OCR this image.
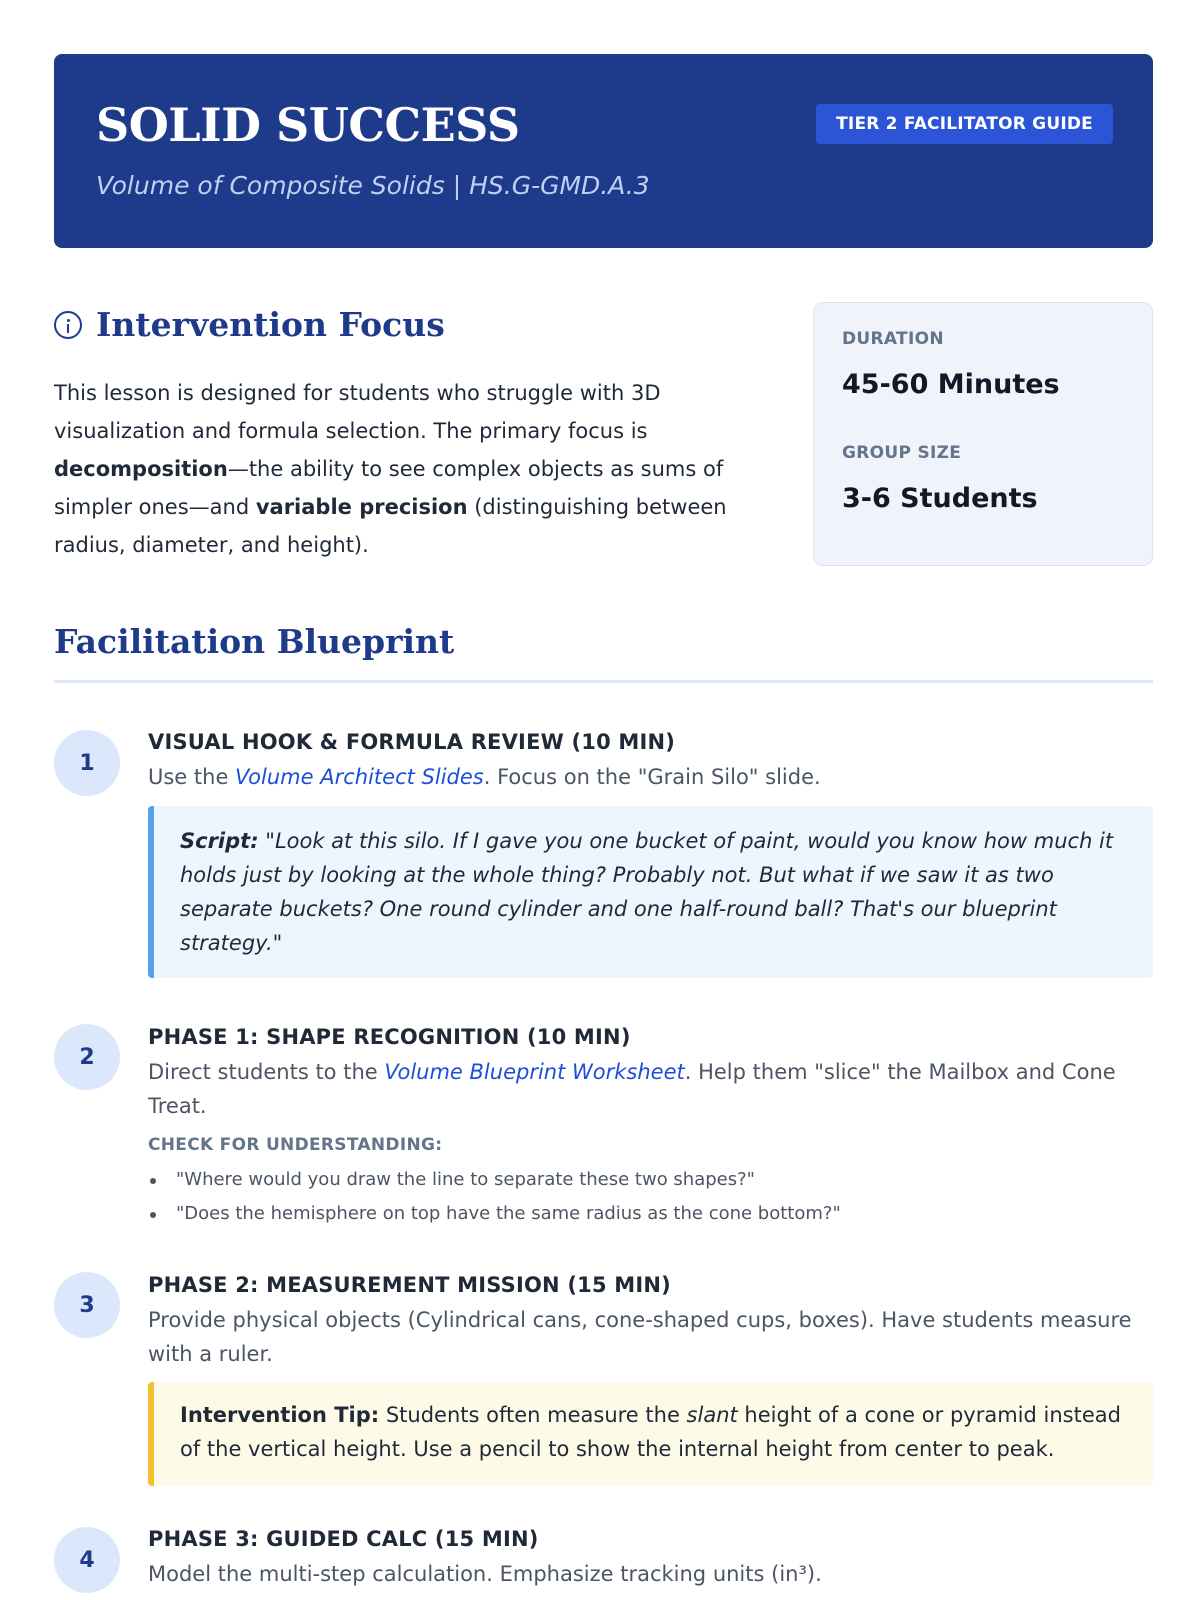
SOLID SUCCESS
Volume of Composite Solids | HS.G-GMD.A.3
TIER 2 FACILITATOR GUIDE
Intervention Focus
This lesson is designed for students who struggle with 3D visualization and formula selection. The primary focus is decomposition—the ability to see complex objects as sums of simpler ones—and variable precision (distinguishing between radius, diameter, and height).
DURATION
45-60 Minutes
GROUP SIZE
3-6 Students
Facilitation Blueprint
1
VISUAL HOOK & FORMULA REVIEW (10 MIN)
Use the Volume Architect Slides. Focus on the "Grain Silo" slide.
Script: "Look at this silo. If I gave you one bucket of paint, would you know how much it holds just by looking at the whole thing? Probably not. But what if we saw it as two separate buckets? One round cylinder and one half-round ball? That's our blueprint strategy."
2
PHASE 1: SHAPE RECOGNITION (10 MIN)
Direct students to the Volume Blueprint Worksheet. Help them "slice" the Mailbox and Cone Treat.
CHECK FOR UNDERSTANDING:
"Where would you draw the line to separate these two shapes?"
"Does the hemisphere on top have the same radius as the cone bottom?"
3
PHASE 2: MEASUREMENT MISSION (15 MIN)
Provide physical objects (Cylindrical cans, cone-shaped cups, boxes). Have students measure with a ruler.
Intervention Tip: Students often measure the slant height of a cone or pyramid instead of the vertical height. Use a pencil to show the internal height from center to peak.
4
PHASE 3: GUIDED CALC (15 MIN)
Model the multi-step calculation. Emphasize tracking units (in³).
